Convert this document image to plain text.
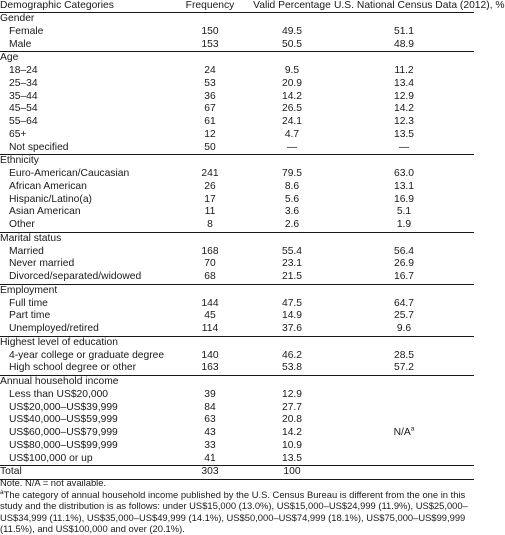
Demographic Categories	Frequency	Valid Percentage	U.S. National Census Data (2012), %
Gender			
Female	150	49.5	51.1
Male	153	50.5	48.9
Age			
18–24	24	9.5	11.2
25–34	53	20.9	13.4
35–44	36	14.2	12.9
45–54	67	26.5	14.2
55–64	61	24.1	12.3
65+	12	4.7	13.5
Not specified	50	—	—
Ethnicity			
Euro-American/Caucasian	241	79.5	63.0
African American	26	8.6	13.1
Hispanic/Latino(a)	17	5.6	16.9
Asian American	11	3.6	5.1
Other	8	2.6	1.9
Marital status			
Married	168	55.4	56.4
Never married	70	23.1	26.9
Divorced/separated/widowed	68	21.5	16.7
Employment			
Full time	144	47.5	64.7
Part time	45	14.9	25.7
Unemployed/retired	114	37.6	9.6
Highest level of education			
4-year college or graduate degree	140	46.2	28.5
High school degree or other	163	53.8	57.2
Annual household income			
Less than US$20,000	39	12.9	
US$20,000–US$39,999	84	27.7	
US$40,000–US$59,999	63	20.8	
US$60,000–US$79,999	43	14.2	$N/A^a$
US$80,000–US$99,999	33	10.9	
US$100,000 or up	41	13.5	
Total	303	100	

Note. N/A = not available.

$^a$The category of annual household income published by the U.S. Census Bureau is different from the one in this study and the distribution is as follows: under US$15,000 (13.0%), US$15,000–US$24,999 (11.9%), US$25,000–US$34,999 (11.1%), US$35,000–US$49,999 (14.1%), US$50,000–US$74,999 (18.1%), US$75,000–US$99,999 (11.5%), and US$100,000 and over (20.1%).
